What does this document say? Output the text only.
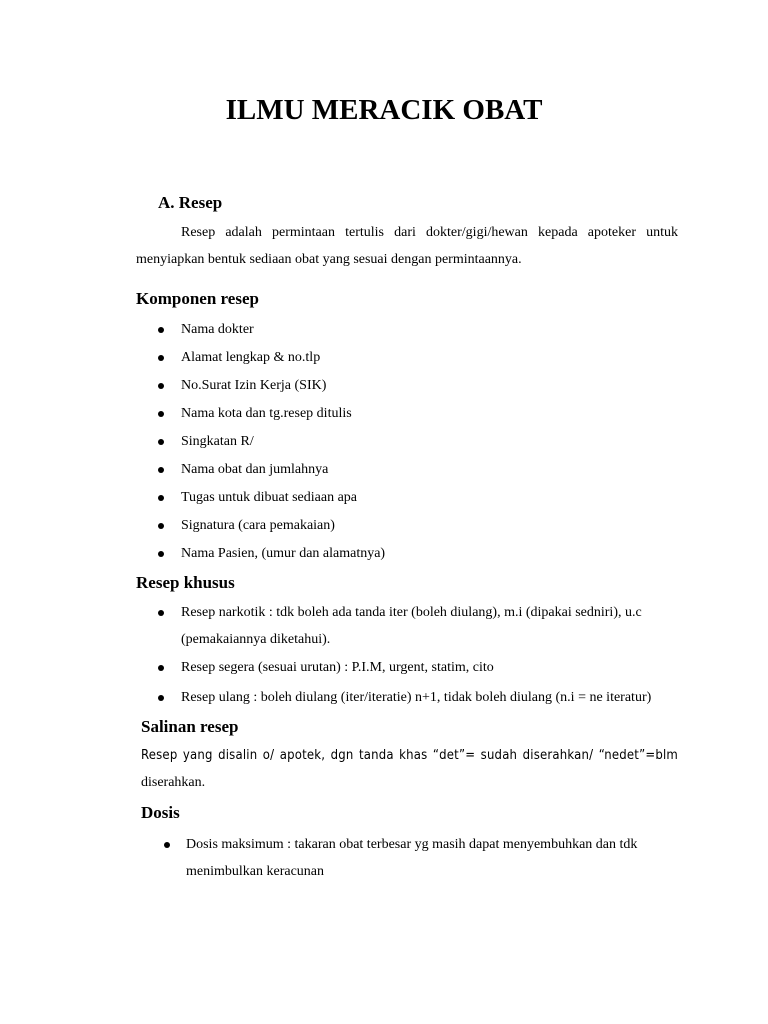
ILMU MERACIK OBAT
A. Resep
Resep adalah permintaan tertulis dari dokter/gigi/hewan kepada apoteker untuk
menyiapkan bentuk sediaan obat yang sesuai dengan permintaannya.
Komponen resep
Nama dokter
Alamat lengkap & no.tlp
No.Surat Izin Kerja (SIK)
Nama kota dan tg.resep ditulis
Singkatan R/
Nama obat dan jumlahnya
Tugas untuk dibuat sediaan apa
Signatura (cara pemakaian)
Nama Pasien, (umur dan alamatnya)
Resep khusus
Resep narkotik : tdk boleh ada tanda iter (boleh diulang), m.i (dipakai sedniri), u.c
(pemakaiannya diketahui).
Resep segera (sesuai urutan) : P.I.M, urgent, statim, cito
Resep ulang : boleh diulang (iter/iteratie) n+1, tidak boleh diulang (n.i = ne iteratur)
Salinan resep
Resep yang disalin o/ apotek, dgn tanda khas “det”= sudah diserahkan/ “nedet”=blm
diserahkan.
Dosis
Dosis maksimum : takaran obat terbesar yg masih dapat menyembuhkan dan tdk
menimbulkan keracunan
